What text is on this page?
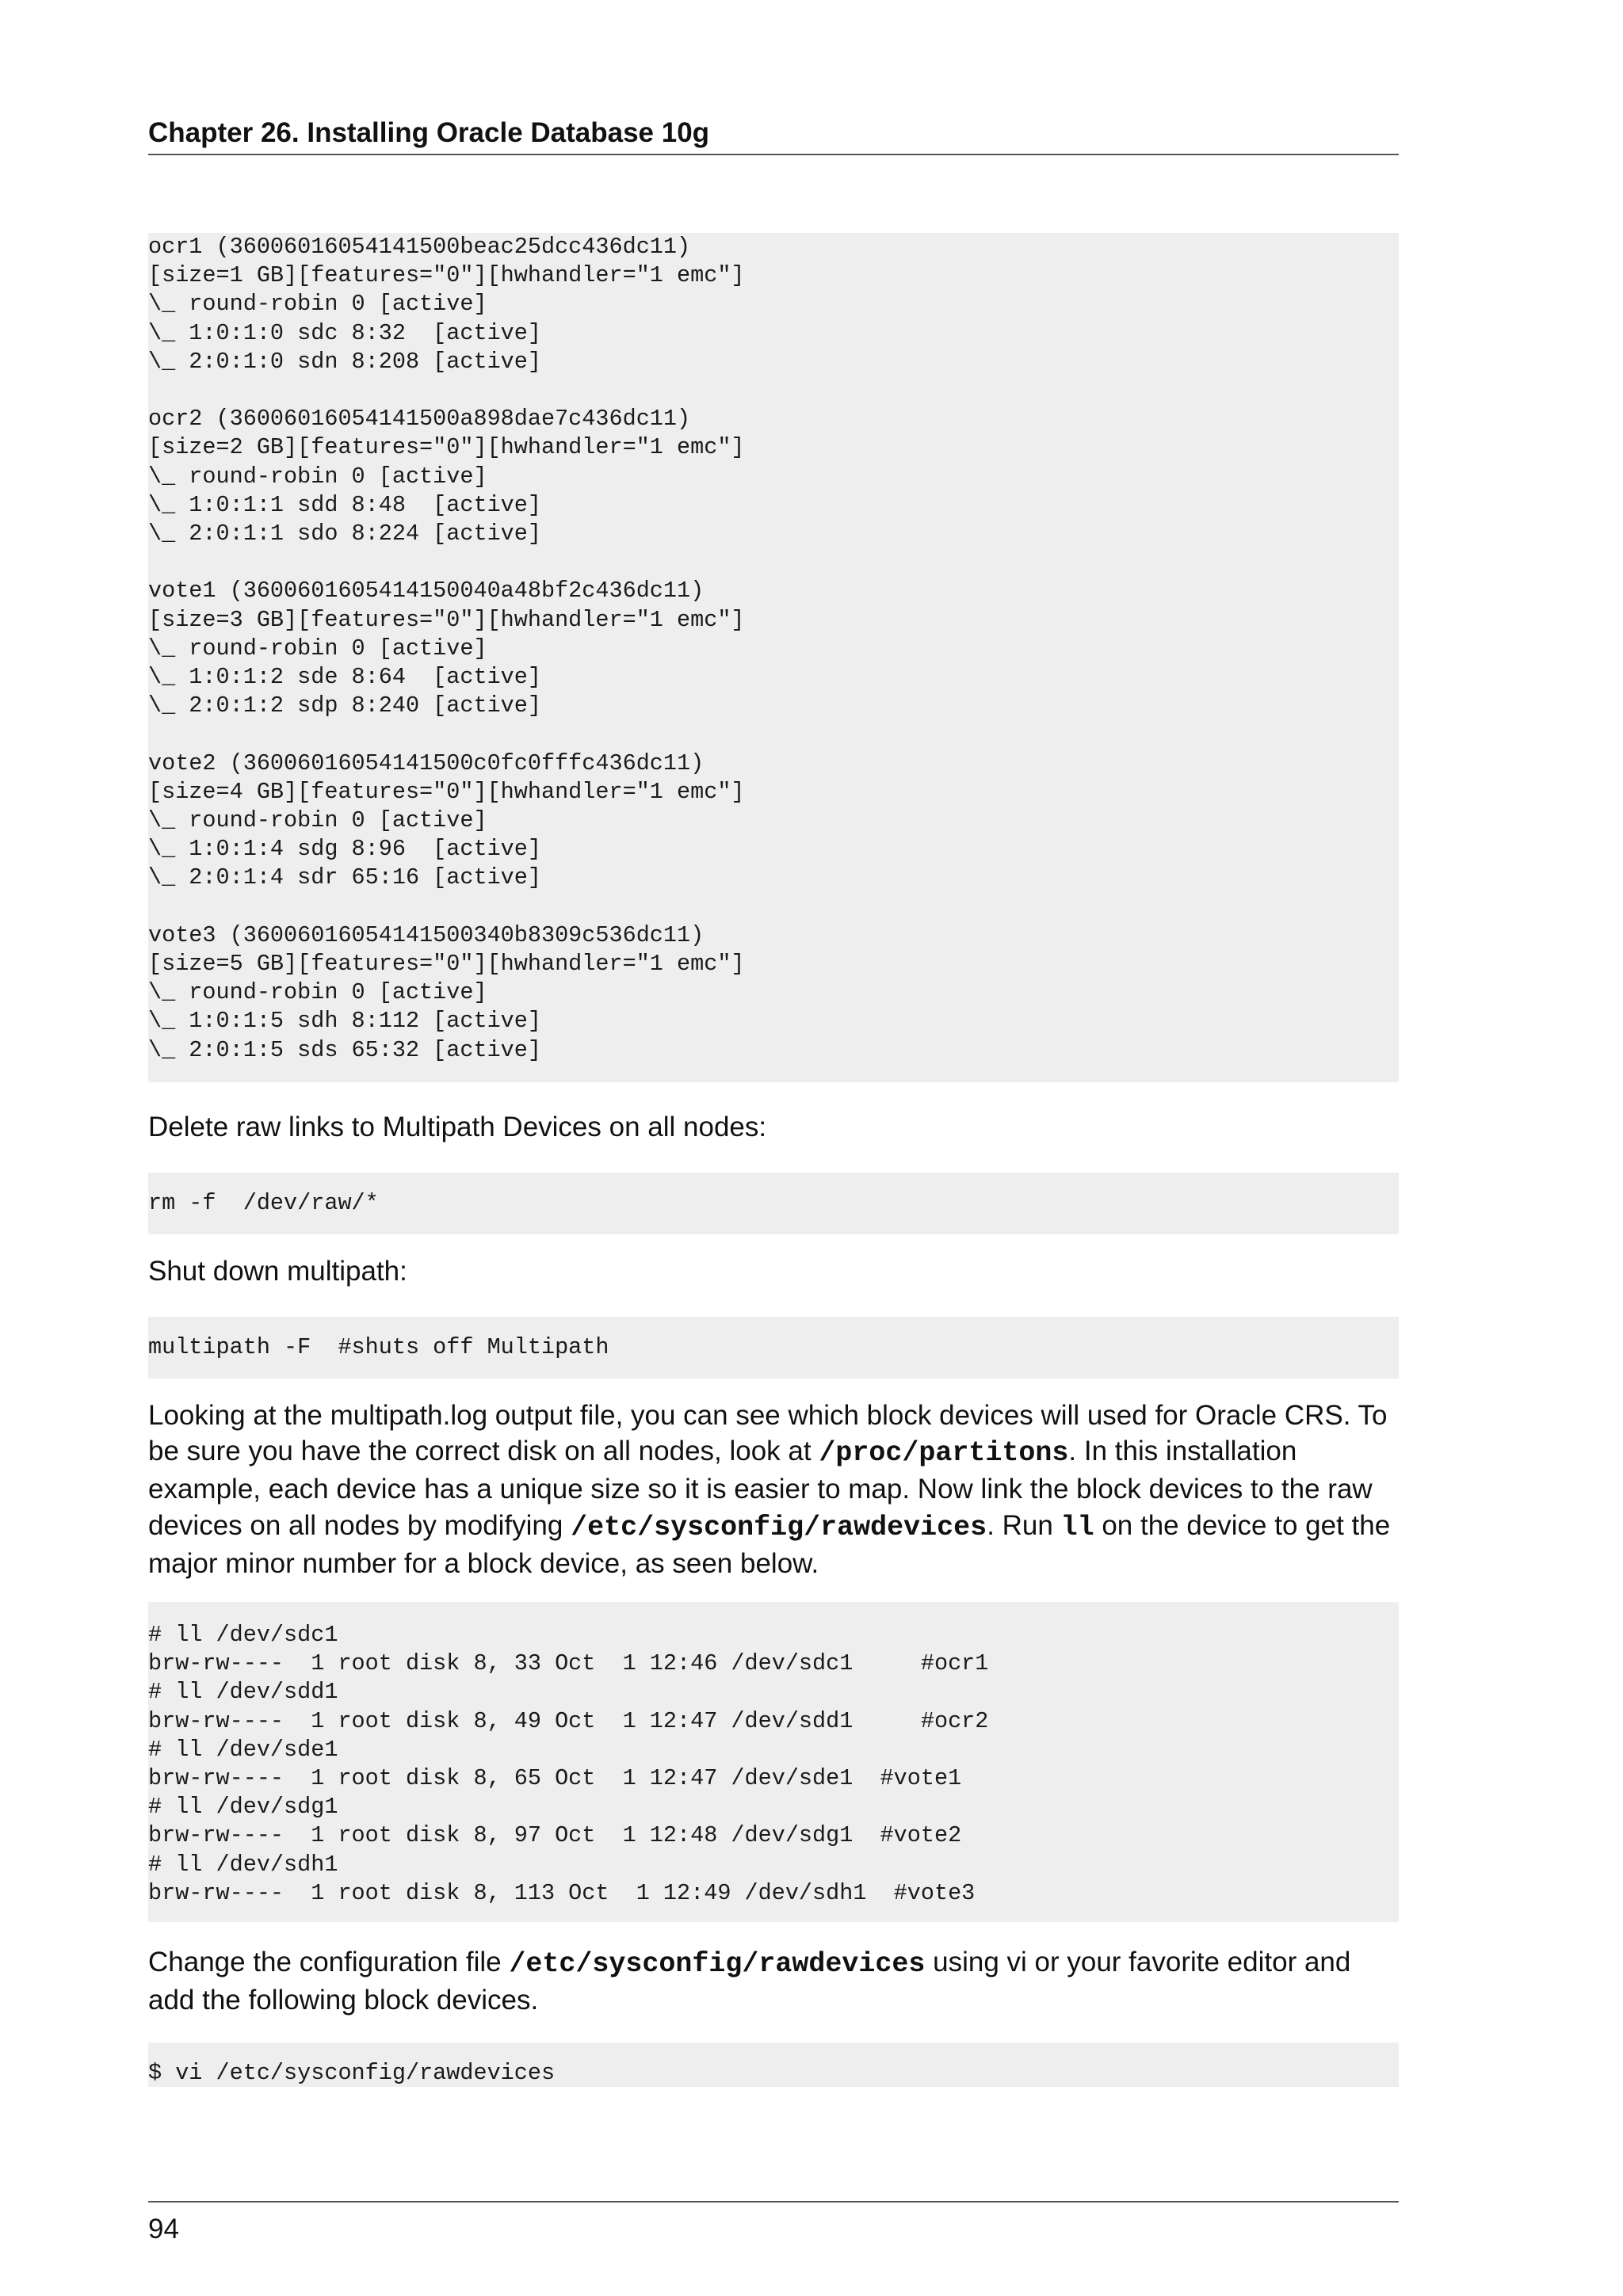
Chapter 26. Installing Oracle Database 10g
ocr1 (36006016054141500beac25dcc436dc11)
[size=1 GB][features="0"][hwhandler="1 emc"]
\_ round-robin 0 [active]
\_ 1:0:1:0 sdc 8:32  [active]
\_ 2:0:1:0 sdn 8:208 [active]

ocr2 (36006016054141500a898dae7c436dc11)
[size=2 GB][features="0"][hwhandler="1 emc"]
\_ round-robin 0 [active]
\_ 1:0:1:1 sdd 8:48  [active]
\_ 2:0:1:1 sdo 8:224 [active]

vote1 (3600601605414150040a48bf2c436dc11)
[size=3 GB][features="0"][hwhandler="1 emc"]
\_ round-robin 0 [active]
\_ 1:0:1:2 sde 8:64  [active]
\_ 2:0:1:2 sdp 8:240 [active]

vote2 (36006016054141500c0fc0fffc436dc11)
[size=4 GB][features="0"][hwhandler="1 emc"]
\_ round-robin 0 [active]
\_ 1:0:1:4 sdg 8:96  [active]
\_ 2:0:1:4 sdr 65:16 [active]

vote3 (36006016054141500340b8309c536dc11)
[size=5 GB][features="0"][hwhandler="1 emc"]
\_ round-robin 0 [active]
\_ 1:0:1:5 sdh 8:112 [active]
\_ 2:0:1:5 sds 65:32 [active]

Delete raw links to Multipath Devices on all nodes:

rm -f  /dev/raw/*

Shut down multipath:

multipath -F  #shuts off Multipath

Looking at the multipath.log output file, you can see which block devices will used for Oracle CRS. To be sure you have the correct disk on all nodes, look at /proc/partitons. In this installation example, each device has a unique size so it is easier to map. Now link the block devices to the raw devices on all nodes by modifying /etc/sysconfig/rawdevices. Run ll on the device to get the major minor number for a block device, as seen below.

# ll /dev/sdc1
brw-rw----  1 root disk 8, 33 Oct  1 12:46 /dev/sdc1     #ocr1
# ll /dev/sdd1
brw-rw----  1 root disk 8, 49 Oct  1 12:47 /dev/sdd1     #ocr2
# ll /dev/sde1
brw-rw----  1 root disk 8, 65 Oct  1 12:47 /dev/sde1  #vote1
# ll /dev/sdg1
brw-rw----  1 root disk 8, 97 Oct  1 12:48 /dev/sdg1  #vote2
# ll /dev/sdh1
brw-rw----  1 root disk 8, 113 Oct  1 12:49 /dev/sdh1  #vote3

Change the configuration file /etc/sysconfig/rawdevices using vi or your favorite editor and add the following block devices.

$ vi /etc/sysconfig/rawdevices
94
